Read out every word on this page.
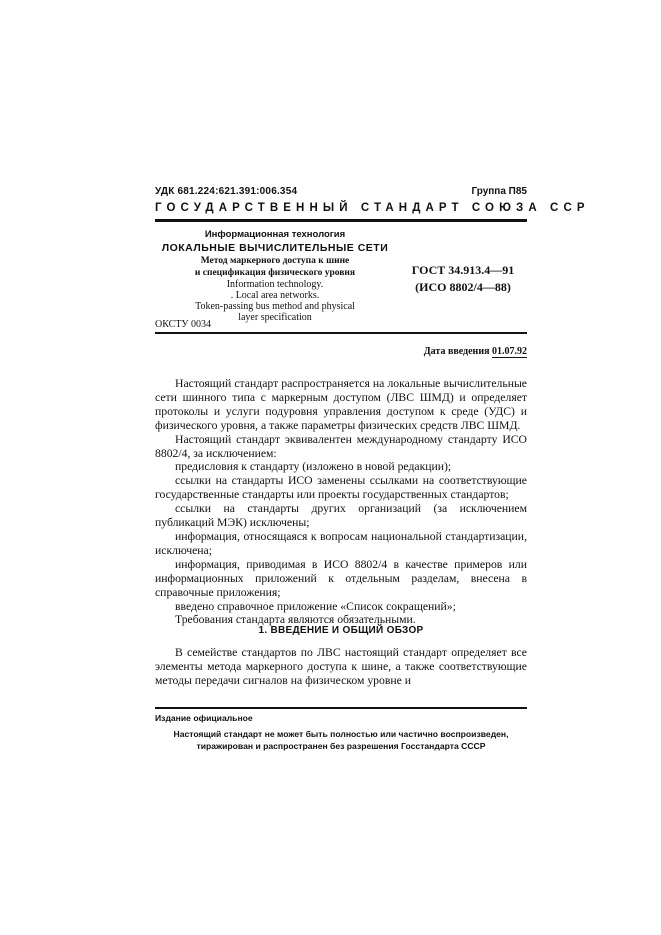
УДК 681.224:621.391:006.354	Группа П85
ГОСУДАРСТВЕННЫЙ СТАНДАРТ СОЮЗА ССР
Информационная технология
ЛОКАЛЬНЫЕ ВЫЧИСЛИТЕЛЬНЫЕ СЕТИ
Метод маркерного доступа к шине
и спецификация физического уровня
Information technology.
. Local area networks.
Token-passing bus method and physical
layer specification
ГОСТ 34.913.4—91
(ИСО 8802/4—88)
ОКСТУ 0034
Дата введения 01.07.92

Настоящий стандарт распространяется на локальные вычислительные сети шинного типа с маркерным доступом (ЛВС ШМД) и определяет протоколы и услуги подуровня управления доступом к среде (УДС) и физического уровня, а также параметры физических средств ЛВС ШМД.

Настоящий стандарт эквивалентен международному стандарту ИСО 8802/4, за исключением:

предисловия к стандарту (изложено в новой редакции);

ссылки на стандарты ИСО заменены ссылками на соответствующие государственные стандарты или проекты государственных стандартов;

ссылки на стандарты других организаций (за исключением публикаций МЭК) исключены;

информация, относящаяся к вопросам национальной стандартизации, исключена;

информация, приводимая в ИСО 8802/4 в качестве примеров или информационных приложений к отдельным разделам, внесена в справочные приложения;

введено справочное приложение «Список сокращений»;

Требования стандарта являются обязательными.

1. ВВЕДЕНИЕ И ОБЩИЙ ОБЗОР

В семействе стандартов по ЛВС настоящий стандарт определяет все элементы метода маркерного доступа к шине, а также соответствующие методы передачи сигналов на физическом уровне и

Издание официальное
Настоящий стандарт не может быть полностью или частично воспроизведен, тиражирован и распространен без разрешения Госстандарта СССР
